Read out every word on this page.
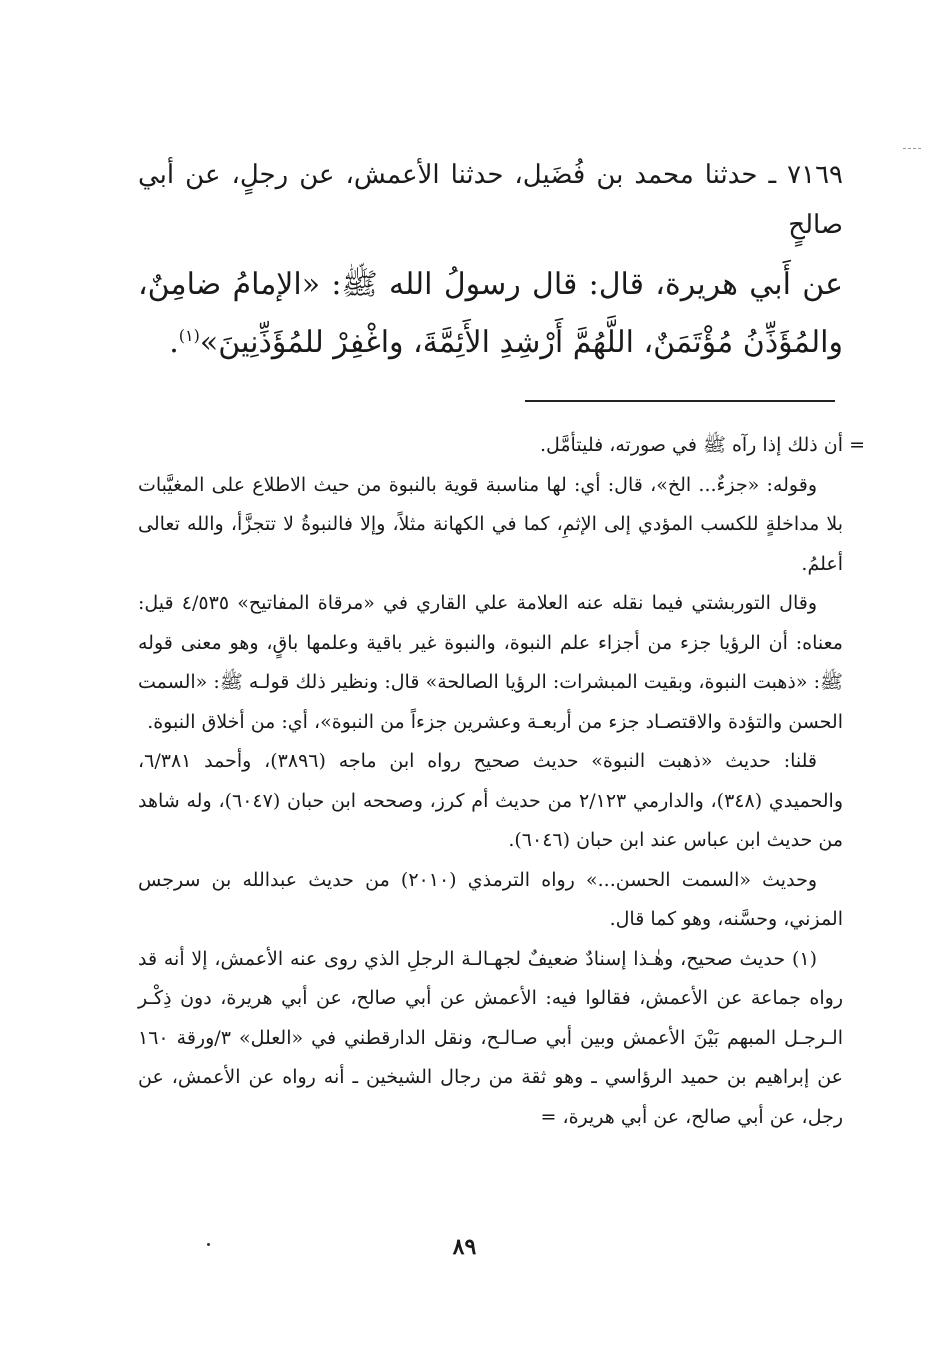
٧١٦٩ ـ حدثنا محمد بن فُضَيل، حدثنا الأعمش، عن رجلٍ، عن أبي صالحٍ

عن أَبي هريرة، قال: قال رسولُ الله ﷺ: «الإمامُ ضامِنٌ، والمُؤَذِّنُ مُؤْتَمَنٌ، اللَّهُمَّ أَرْشِدِ الأَئِمَّةَ، واغْفِرْ للمُؤَذِّنِينَ»$^{(١)}$.

=
أن ذلك إذا رآه ﷺ في صورته، فليتأمَّل.

وقوله: «جزءٌ... الخ»، قال: أي: لها مناسبة قوية بالنبوة من حيث الاطلاع على المغيَّبات بلا مداخلةٍ للكسب المؤدي إلى الإثمِ، كما في الكهانة مثلاً، وإلا فالنبوةُ لا تتجزَّأ، والله تعالى أعلمُ.

وقال التوربشتي فيما نقله عنه العلامة علي القاري في «مرقاة المفاتيح» ٤/٥٣٥ قيل: معناه: أن الرؤيا جزء من أجزاء علم النبوة، والنبوة غير باقية وعلمها باقٍ، وهو معنى قوله ﷺ: «ذهبت النبوة، وبقيت المبشرات: الرؤيا الصالحة» قال: ونظير ذلك قولـه ﷺ: «السمت الحسن والتؤدة والاقتصـاد جزء من أربعـة وعشرين جزءاً من النبوة»، أي: من أخلاق النبوة.

قلنا: حديث «ذهبت النبوة» حديث صحيح رواه ابن ماجه (٣٨٩٦)، وأحمد ٦/٣٨١، والحميدي (٣٤٨)، والدارمي ٢/١٢٣ من حديث أم كرز، وصححه ابن حبان (٦٠٤٧)، وله شاهد من حديث ابن عباس عند ابن حبان (٦٠٤٦).

وحديث «السمت الحسن...» رواه الترمذي (٢٠١٠) من حديث عبدالله بن سرجس المزني، وحسَّنه، وهو كما قال.

(١) حديث صحيح، وهٰـذا إسنادٌ ضعيفٌ لجهـالـة الرجلِ الذي روى عنه الأعمش، إلا أنه قد رواه جماعة عن الأعمش، فقالوا فيه: الأعمش عن أبي صالح، عن أبي هريرة، دون ذِكْـر الـرجـل المبهم بَيْنَ الأعمش وبين أبي صـالـح، ونقل الدارقطني في «العلل» ٣/ورقة ١٦٠ عن إبراهيم بن حميد الرؤاسي ـ وهو ثقة من رجال الشيخين ـ أنه رواه عن الأعمش، عن رجل، عن أبي صالح، عن أبي هريرة، =

٨٩
